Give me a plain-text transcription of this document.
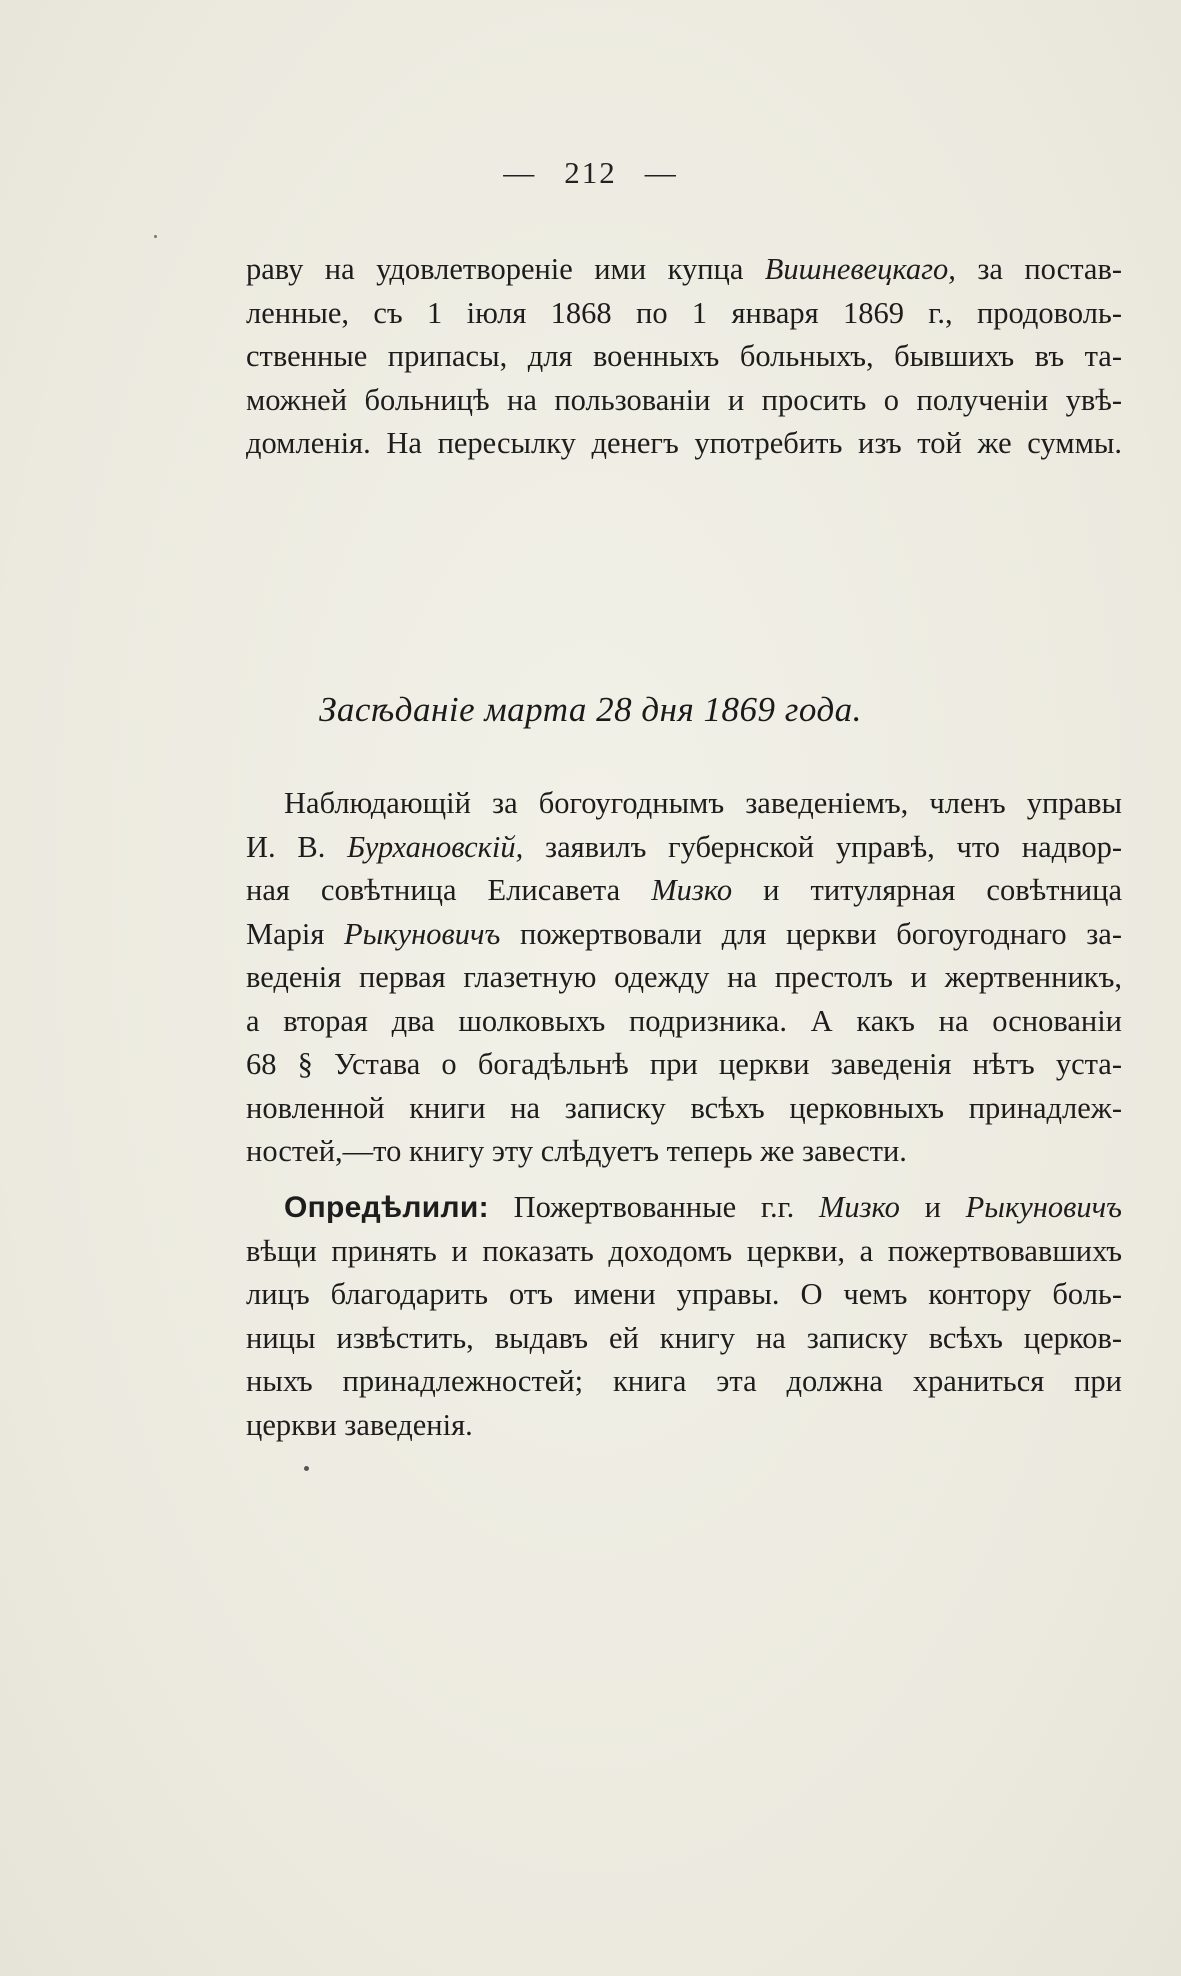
— 212 —
раву на удовлетвореніе ими купца Вишневецкаго, за постав-
ленные, съ 1 іюля 1868 по 1 января 1869 г., продоволь-
ственные припасы, для военныхъ больныхъ, бывшихъ въ та-
можней больницѣ на пользованіи и просить о полученіи увѣ-
домленія. На пересылку денегъ употребить изъ той же суммы.
Засѣданіе марта 28 дня 1869 года.
Наблюдающій за богоугоднымъ заведеніемъ, членъ управы
И. В. Бурхановскій, заявилъ губернской управѣ, что надвор-
ная совѣтница Елисавета Мизко и титулярная совѣтница
Марія Рыкуновичъ пожертвовали для церкви богоугоднаго за-
веденія первая глазетную одежду на престолъ и жертвенникъ,
а вторая два шолковыхъ подризника. А какъ на основаніи
68 § Устава о богадѣльнѣ при церкви заведенія нѣтъ уста-
новленной книги на записку всѣхъ церковныхъ принадлеж-
ностей,—то книгу эту слѣдуетъ теперь же завести.
Опредѣлили: Пожертвованные г.г. Мизко и Рыкуновичъ
вѣщи принять и показать доходомъ церкви, а пожертвовавшихъ
лицъ благодарить отъ имени управы. О чемъ контору боль-
ницы извѣстить, выдавъ ей книгу на записку всѣхъ церков-
ныхъ принадлежностей; книга эта должна храниться при
церкви заведенія.
